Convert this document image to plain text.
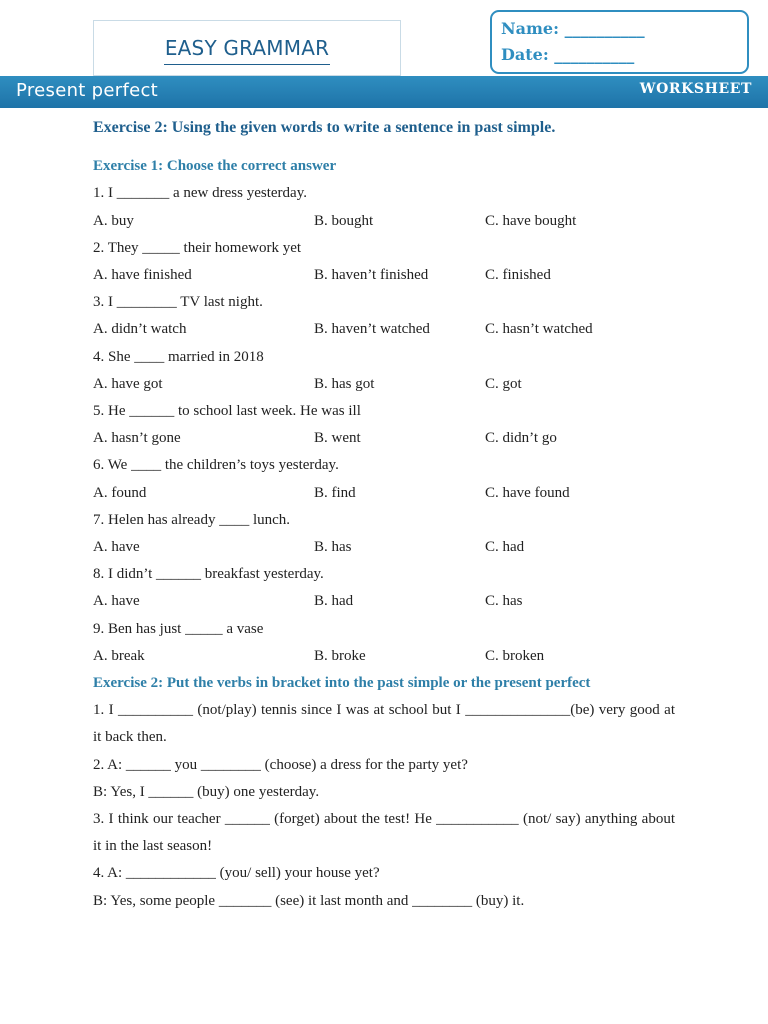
EASY GRAMMAR
Name: __________
Date: __________
Present perfect	WORKSHEET
Exercise 2: Using the given words to write a sentence in past simple.
Exercise 1: Choose the correct answer
1. I _______ a new dress yesterday.
A. buy	B. bought	C. have bought
2. They _____ their homework yet
A. have finished	B. haven’t finished	C. finished
3. I ________ TV last night.
A. didn’t watch	B. haven’t watched	C. hasn’t watched
4. She ____ married in 2018
A. have got	B. has got	C. got
5. He ______ to school last week. He was ill
A. hasn’t gone	B. went	C. didn’t go
6. We ____ the children’s toys yesterday.
A. found	B. find	C. have found
7. Helen has already ____ lunch.
A. have	B. has	C. had
8. I didn’t ______ breakfast yesterday.
A. have	B. had	C. has
9. Ben has just _____ a vase
A. break	B. broke	C. broken
Exercise 2: Put the verbs in bracket into the past simple or the present perfect
1. I __________ (not/play) tennis since I was at school but I ______________(be) very good at it back then.
2. A: ______ you ________ (choose) a dress for the party yet?
B: Yes, I ______ (buy) one yesterday.
3. I think our teacher ______ (forget) about the test! He ___________ (not/ say) anything about it in the last season!
4. A: ____________ (you/ sell) your house yet?
B: Yes, some people _______ (see) it last month and ________ (buy) it.
